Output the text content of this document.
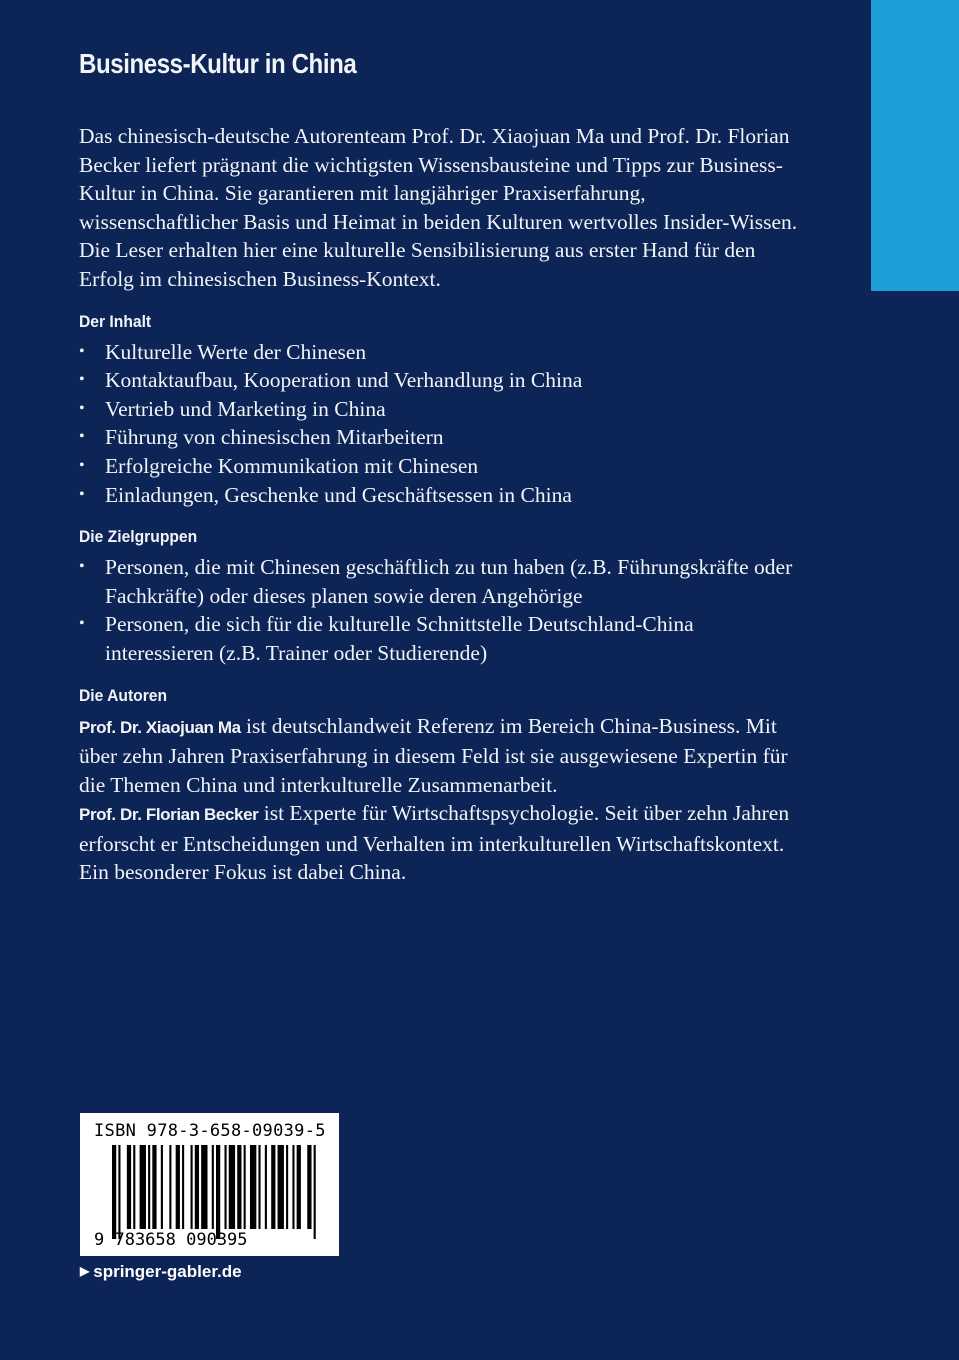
Business-Kultur in China

Das chinesisch-deutsche Autorenteam Prof. Dr. Xiaojuan Ma und Prof. Dr. Florian Becker liefert prägnant die wichtigsten Wissensbausteine und Tipps zur Business-Kultur in China. Sie garantieren mit langjähriger Praxiserfahrung, wissenschaftlicher Basis und Heimat in beiden Kulturen wertvolles Insider-Wissen. Die Leser erhalten hier eine kulturelle Sensibilisierung aus erster Hand für den Erfolg im chinesischen Business-Kontext.

Der Inhalt
• Kulturelle Werte der Chinesen
• Kontaktaufbau, Kooperation und Verhandlung in China
• Vertrieb und Marketing in China
• Führung von chinesischen Mitarbeitern
• Erfolgreiche Kommunikation mit Chinesen
• Einladungen, Geschenke und Geschäftsessen in China
Die Zielgruppen
• Personen, die mit Chinesen geschäftlich zu tun haben (z.B. Führungskräfte oder Fachkräfte) oder dieses planen sowie deren Angehörige
• Personen, die sich für die kulturelle Schnittstelle Deutschland-China interessieren (z.B. Trainer oder Studierende)
Die Autoren

Prof. Dr. Xiaojuan Ma ist deutschlandweit Referenz im Bereich China-Business. Mit über zehn Jahren Praxiserfahrung in diesem Feld ist sie ausgewiesene Expertin für die Themen China und interkulturelle Zusammenarbeit.

Prof. Dr. Florian Becker ist Experte für Wirtschaftspsychologie. Seit über zehn Jahren erforscht er Entscheidungen und Verhalten im interkulturellen Wirtschaftskontext. Ein besonderer Fokus ist dabei China.

ISBN 978-3-658-09039-5
9 783658 090395
▶ springer-gabler.de
